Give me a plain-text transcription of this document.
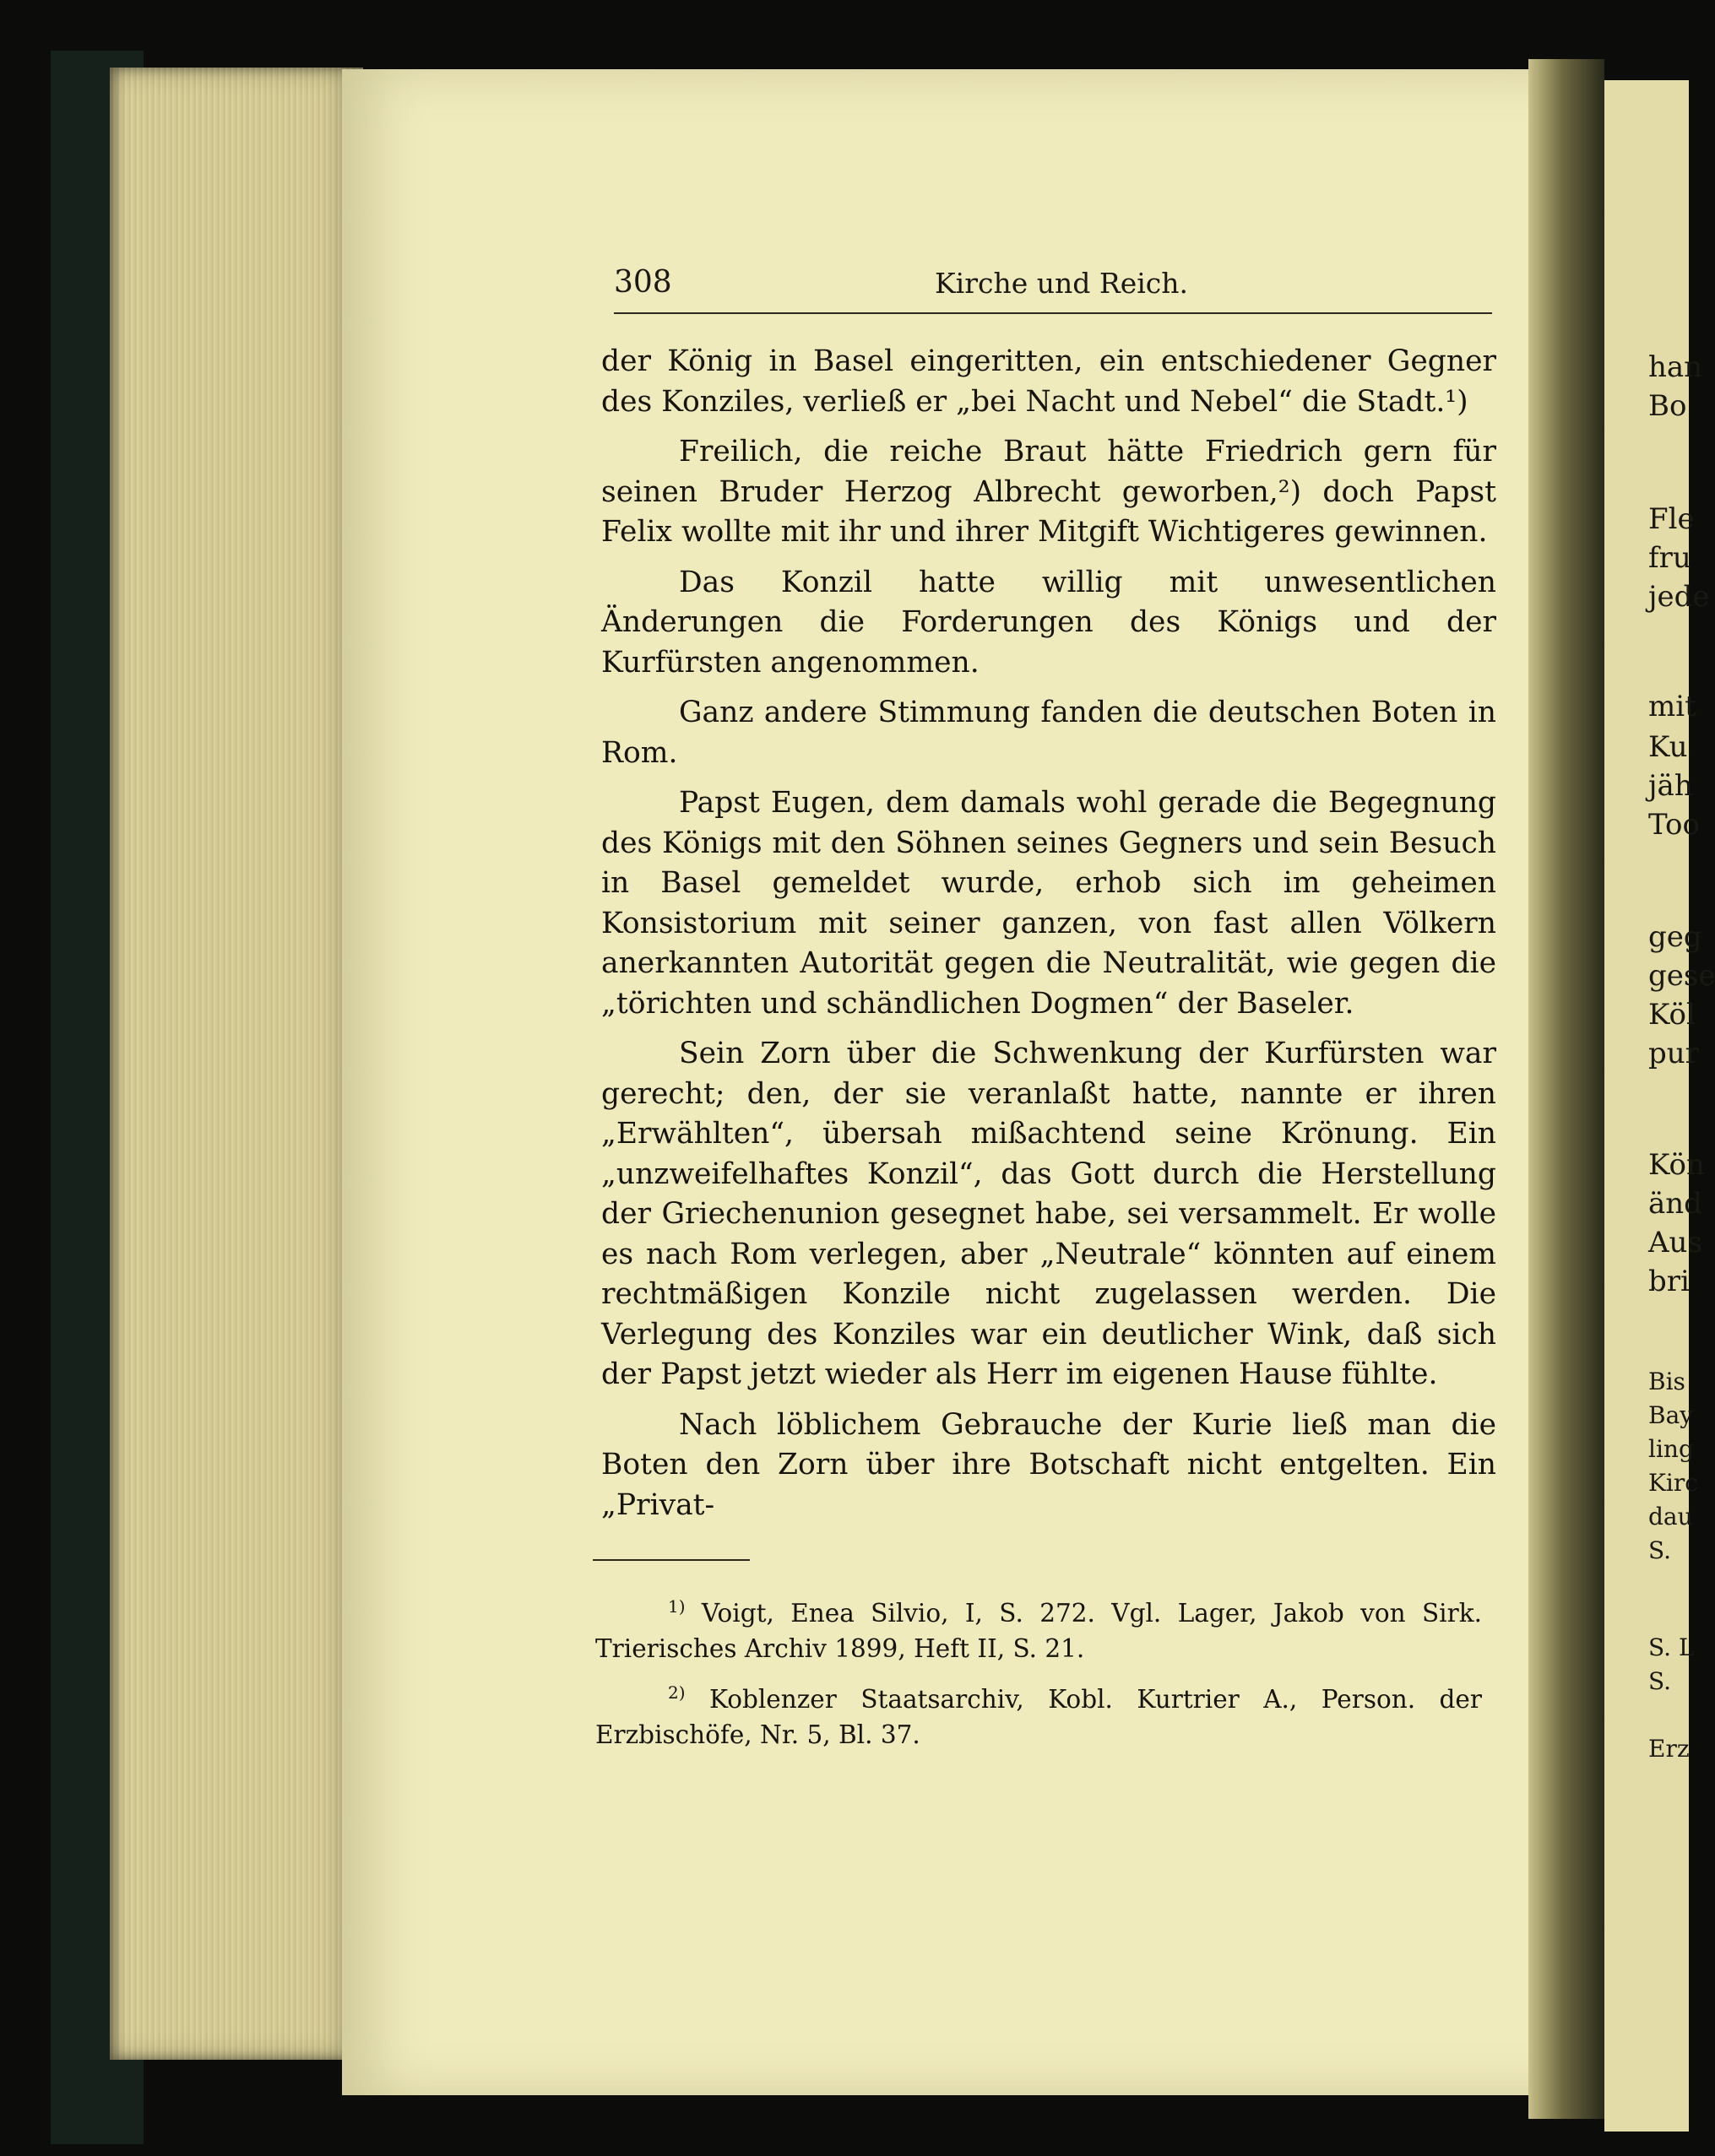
308	Kirche und Reich.

der König in Basel eingeritten, ein entschiedener Gegner des Konziles, verließ er „bei Nacht und Nebel“ die Stadt.¹)

Freilich, die reiche Braut hätte Friedrich gern für seinen Bruder Herzog Albrecht geworben,²) doch Papst Felix wollte mit ihr und ihrer Mitgift Wichtigeres gewinnen.

Das Konzil hatte willig mit unwesentlichen Änderungen die Forderungen des Königs und der Kurfürsten angenommen.

Ganz andere Stimmung fanden die deutschen Boten in Rom.

Papst Eugen, dem damals wohl gerade die Begegnung des Königs mit den Söhnen seines Gegners und sein Besuch in Basel gemeldet wurde, erhob sich im geheimen Konsistorium mit seiner ganzen, von fast allen Völkern anerkannten Autorität gegen die Neutralität, wie gegen die „törichten und schändlichen Dogmen“ der Baseler.

Sein Zorn über die Schwenkung der Kurfürsten war gerecht; den, der sie veranlaßt hatte, nannte er ihren „Erwählten“, übersah mißachtend seine Krönung. Ein „unzweifelhaftes Konzil“, das Gott durch die Herstellung der Griechenunion gesegnet habe, sei versammelt. Er wolle es nach Rom verlegen, aber „Neutrale“ könnten auf einem rechtmäßigen Konzile nicht zugelassen werden. Die Verlegung des Konziles war ein deutlicher Wink, daß sich der Papst jetzt wieder als Herr im eigenen Hause fühlte.

Nach löblichem Gebrauche der Kurie ließ man die Boten den Zorn über ihre Botschaft nicht entgelten. Ein „Privat-

$^{1)}$ Voigt, Enea Silvio, I, S. 272. Vgl. Lager, Jakob von Sirk. Trierisches Archiv 1899, Heft II, S. 21.

$^{2)}$ Koblenzer Staatsarchiv, Kobl. Kurtrier A., Person. der Erzbischöfe, Nr. 5, Bl. 37.

han
Bo
Fle
fru
jede
mit
Ku
jäh
Too
geg
gese
Köl
pur
Kön
änd
Aus
bri
Bis
Bay
ling
Kirc
dau
S.
S. L
S.
Erz
